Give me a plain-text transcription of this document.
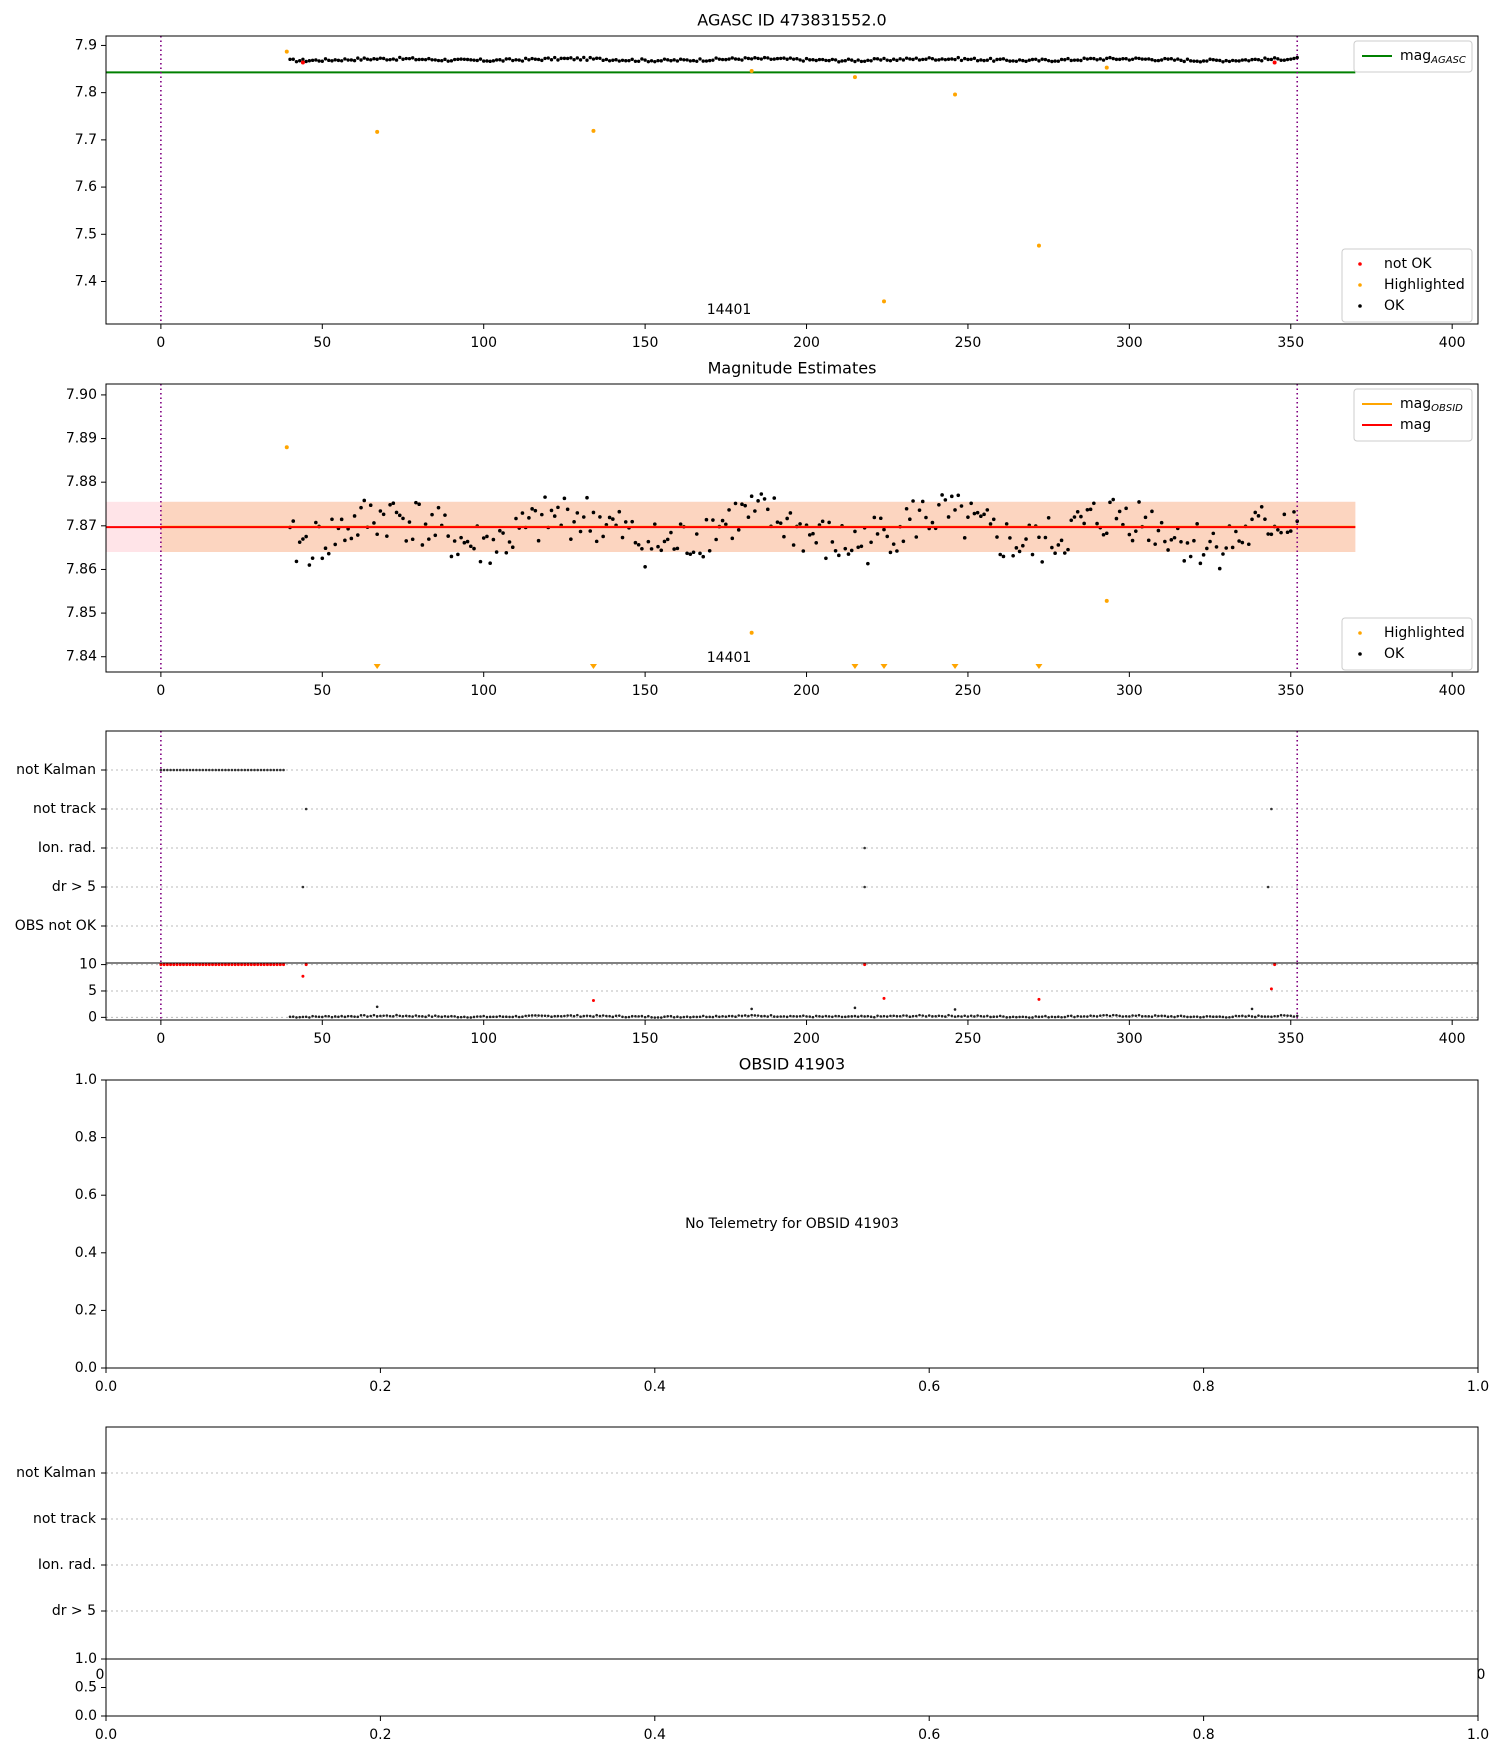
AGASC ID 473831552.0
14401
0	50	100	150	200	250	300	350	400
7.4
7.5
7.6
7.7
7.8
7.9
mag$_{AGASC}$
not OK
Highlighted
OK
Magnitude Estimates
14401
0	50	100	150	200	250	300	350	400
7.84
7.85
7.86
7.87
7.88
7.89
7.90
mag$_{OBSID}$
mag
Highlighted
OK
not Kalman
not track
Ion. rad.
dr > 5
OBS not OK
0	50	100	150	200	250	300	350	400
0
5
10
OBSID 41903
No Telemetry for OBSID 41903
0.0	0.2	0.4	0.6	0.8	1.0
0.0
0.2
0.4
0.6
0.8
1.0
not Kalman
not track
Ion. rad.
dr > 5
0.0	0.2	0.4	0.6	0.8	1.0
0.0
0.5
1.0
0	0
